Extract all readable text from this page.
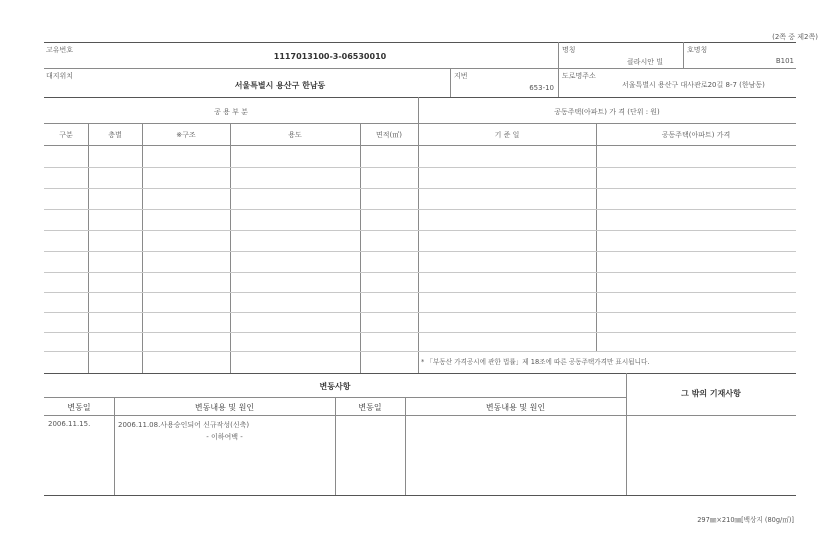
(2쪽 중 제2쪽)
고유번호
1117013100-3-06530010
명칭
클라시안 빌
호명칭
B101
대지위치
서울특별시 용산구 한남동
지번
653-10
도로명주소
서울특별시 용산구 대사관로20길 8-7 (한남동)
공 용 부 분	공동주택(아파트) 가 격 (단위 : 원)
구분	층별	※구조	용도	면적(㎡)	기 준 일	공동주택(아파트) 가격
* 「부동산 가격공시에 관한 법률」제 18조에 따른 공동주택가격만 표시됩니다.
변동사항
그 밖의 기재사항
변동일	변동내용 및 원인	변동일	변동내용 및 원인
2006.11.15.	2006.11.08.사용승인되어 신규작성(신축)
- 이하여백 -
297㎜×210㎜[백상지 (80g/㎡)]
